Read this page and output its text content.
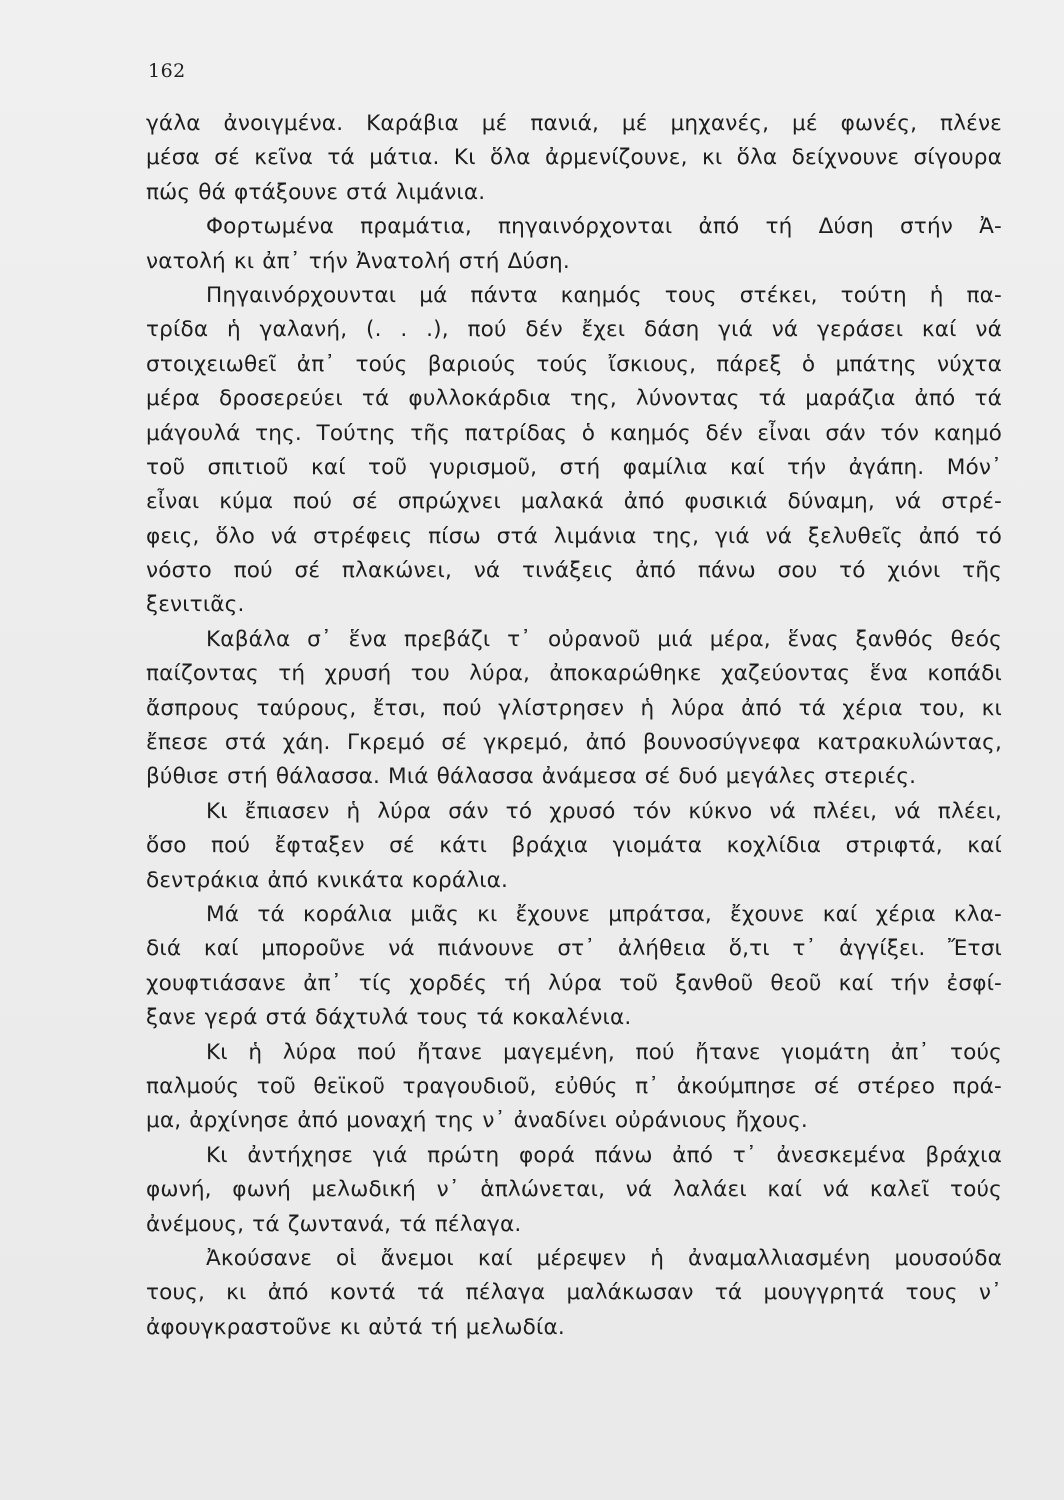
162
γάλα ἀνοιγμένα. Καράβια μέ πανιά, μέ μηχανές, μέ φωνές, πλένε
μέσα σέ κεῖνα τά μάτια. Κι ὅλα ἀρμενίζουνε, κι ὅλα δείχνουνε σίγουρα
πώς θά φτάξουνε στά λιμάνια.
Φορτωμένα πραμάτια, πηγαινόρχονται ἀπό τή Δύση στήν Ἀ-
νατολή κι ἀπ᾽ τήν Ἀνατολή στή Δύση.
Πηγαινόρχουνται μά πάντα καημός τους στέκει, τούτη ἡ πα-
τρίδα ἡ γαλανή, (. . .), πού δέν ἔχει δάση γιά νά γεράσει καί νά
στοιχειωθεῖ ἀπ᾽ τούς βαριούς τούς ἴσκιους, πάρεξ ὁ μπάτης νύχτα
μέρα δροσερεύει τά φυλλοκάρδια της, λύνοντας τά μαράζια ἀπό τά
μάγουλά της. Τούτης τῆς πατρίδας ὁ καημός δέν εἶναι σάν τόν καημό
τοῦ σπιτιοῦ καί τοῦ γυρισμοῦ, στή φαμίλια καί τήν ἀγάπη. Μόν᾽
εἶναι κύμα πού σέ σπρώχνει μαλακά ἀπό φυσικιά δύναμη, νά στρέ-
φεις, ὅλο νά στρέφεις πίσω στά λιμάνια της, γιά νά ξελυθεῖς ἀπό τό
νόστο πού σέ πλακώνει, νά τινάξεις ἀπό πάνω σου τό χιόνι τῆς
ξενιτιᾶς.
Καβάλα σ᾽ ἕνα πρεβάζι τ᾽ οὐρανοῦ μιά μέρα, ἕνας ξανθός θεός
παίζοντας τή χρυσή του λύρα, ἀποκαρώθηκε χαζεύοντας ἕνα κοπάδι
ἄσπρους ταύρους, ἔτσι, πού γλίστρησεν ἡ λύρα ἀπό τά χέρια του, κι
ἔπεσε στά χάη. Γκρεμό σέ γκρεμό, ἀπό βουνοσύγνεφα κατρακυλώντας,
βύθισε στή θάλασσα. Μιά θάλασσα ἀνάμεσα σέ δυό μεγάλες στεριές.
Κι ἔπιασεν ἡ λύρα σάν τό χρυσό τόν κύκνο νά πλέει, νά πλέει,
ὅσο πού ἔφταξεν σέ κάτι βράχια γιομάτα κοχλίδια στριφτά, καί
δεντράκια ἀπό κνικάτα κοράλια.
Μά τά κοράλια μιᾶς κι ἔχουνε μπράτσα, ἔχουνε καί χέρια κλα-
διά καί μποροῦνε νά πιάνουνε στ᾽ ἀλήθεια ὅ,τι τ᾽ ἀγγίξει. Ἔτσι
χουφτιάσανε ἀπ᾽ τίς χορδές τή λύρα τοῦ ξανθοῦ θεοῦ καί τήν ἐσφί-
ξανε γερά στά δάχτυλά τους τά κοκαλένια.
Κι ἡ λύρα πού ἤτανε μαγεμένη, πού ἤτανε γιομάτη ἀπ᾽ τούς
παλμούς τοῦ θεϊκοῦ τραγουδιοῦ, εὐθύς π᾽ ἀκούμπησε σέ στέρεο πρά-
μα, ἀρχίνησε ἀπό μοναχή της ν᾽ ἀναδίνει οὐράνιους ἤχους.
Κι ἀντήχησε γιά πρώτη φορά πάνω ἀπό τ᾽ ἀνεσκεμένα βράχια
φωνή, φωνή μελωδική ν᾽ ἁπλώνεται, νά λαλάει καί νά καλεῖ τούς
ἀνέμους, τά ζωντανά, τά πέλαγα.
Ἀκούσανε οἱ ἄνεμοι καί μέρεψεν ἡ ἀναμαλλιασμένη μουσούδα
τους, κι ἀπό κοντά τά πέλαγα μαλάκωσαν τά μουγγρητά τους ν᾽
ἀφουγκραστοῦνε κι αὐτά τή μελωδία.
